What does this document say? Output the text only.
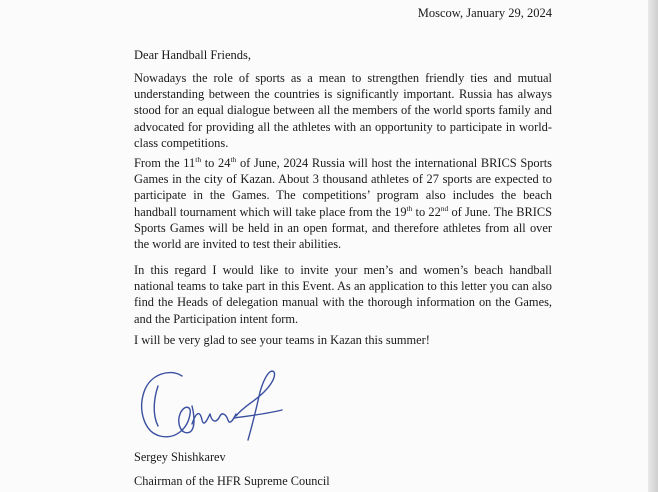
Moscow, January 29, 2024
Dear Handball Friends,

Nowadays the role of sports as a mean to strengthen friendly ties and mutual understanding between the countries is significantly important. Russia has always stood for an equal dialogue between all the members of the world sports family and advocated for providing all the athletes with an opportunity to participate in world-class competitions.

From the 11th to 24th of June, 2024 Russia will host the international BRICS Sports Games in the city of Kazan. About 3 thousand athletes of 27 sports are expected to participate in the Games. The competitions’ program also includes the beach handball tournament which will take place from the 19th to 22nd of June. The BRICS Sports Games will be held in an open format, and therefore athletes from all over the world are invited to test their abilities.

In this regard I would like to invite your men’s and women’s beach handball national teams to take part in this Event. As an application to this letter you can also find the Heads of delegation manual with the thorough information on the Games, and the Participation intent form.

I will be very glad to see your teams in Kazan this summer!

Sergey Shishkarev
Chairman of the HFR Supreme Council
